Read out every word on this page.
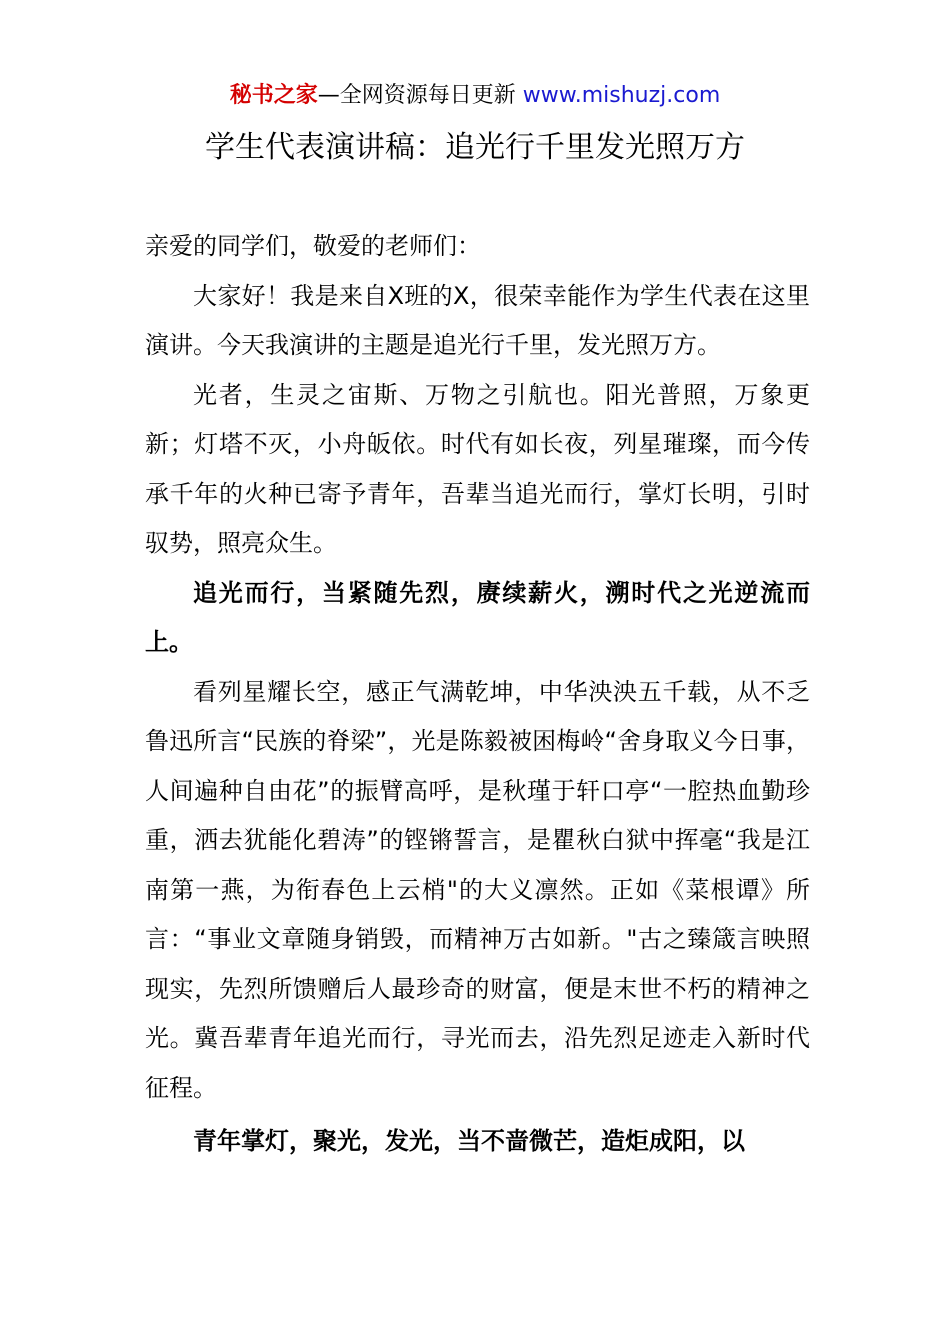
秘书之家—全网资源每日更新 www.mishuzj.com
学生代表演讲稿：追光行千里发光照万方

亲爱的同学们，敬爱的老师们：

大家好！我是来自X班的X，很荣幸能作为学生代表在这里演讲。今天我演讲的主题是追光行千里，发光照万方。

光者，生灵之宙斯、万物之引航也。阳光普照，万象更新；灯塔不灭，小舟皈依。时代有如长夜，列星璀璨，而今传承千年的火种已寄予青年，吾辈当追光而行，掌灯长明，引时驭势，照亮众生。

追光而行，当紧随先烈，赓续薪火，溯时代之光逆流而上。

看列星耀长空，感正气满乾坤，中华泱泱五千载，从不乏鲁迅所言“民族的脊梁”，光是陈毅被困梅岭“舍身取义今日事，人间遍种自由花”的振臂高呼，是秋瑾于轩口亭“一腔热血勤珍重，洒去犹能化碧涛”的铿锵誓言，是瞿秋白狱中挥毫“我是江南第一燕，为衔春色上云梢"的大义凛然。正如《菜根谭》所言：“事业文章随身销毁，而精神万古如新。"古之臻箴言映照现实，先烈所馈赠后人最珍奇的财富，便是末世不朽的精神之光。冀吾辈青年追光而行，寻光而去，沿先烈足迹走入新时代征程。

青年掌灯，聚光，发光，当不啬微芒，造炬成阳，以
